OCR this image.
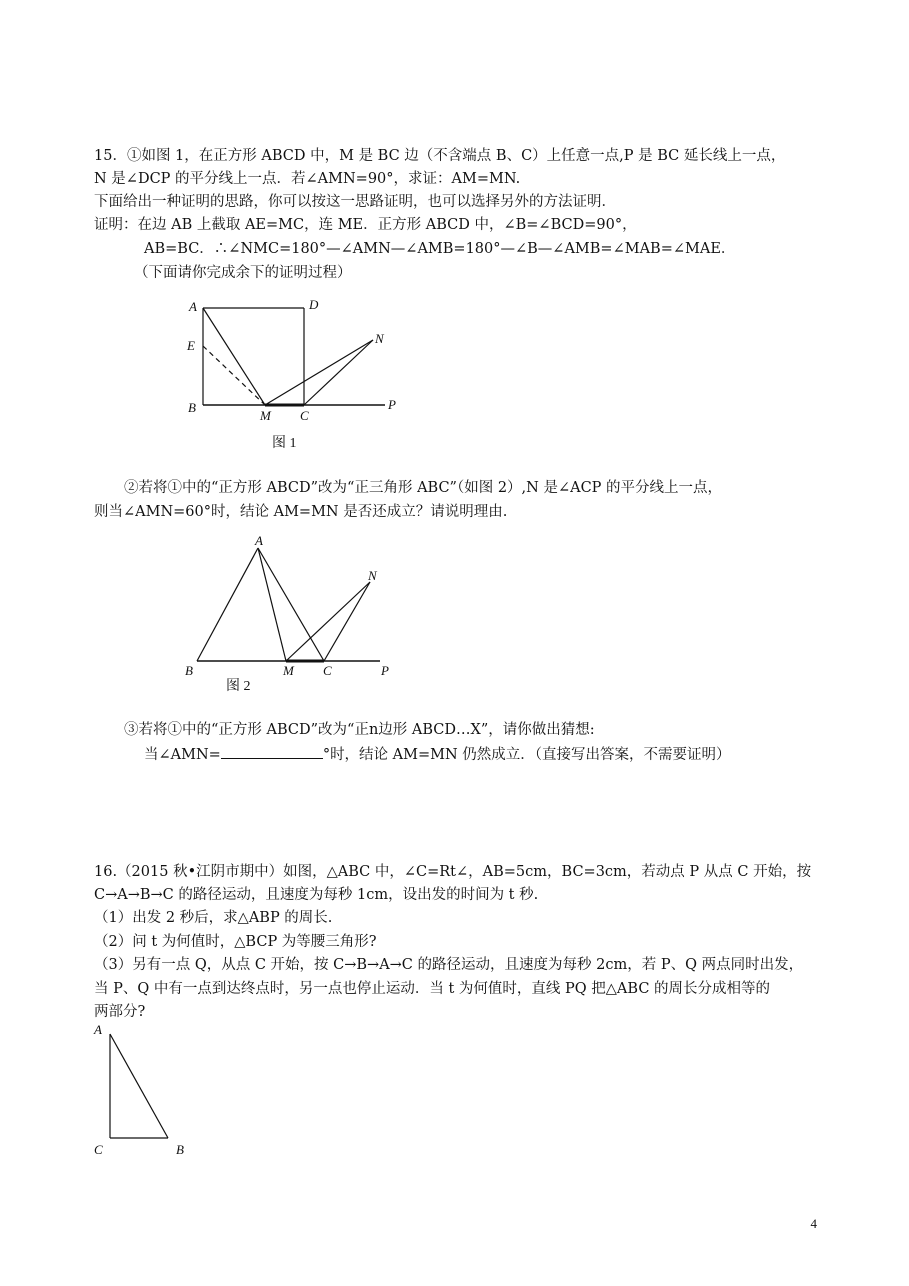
15．①如图 1，在正方形 ABCD 中，M 是 BC 边（不含端点 B、C）上任意一点,P 是 BC 延长线上一点，
N 是∠DCP 的平分线上一点．若∠AMN=90°，求证：AM=MN.
下面给出一种证明的思路，你可以按这一思路证明，也可以选择另外的方法证明．
证明：在边 AB 上截取 AE=MC，连 ME．正方形 ABCD 中，∠B=∠BCD=90°，
AB=BC．∴∠NMC=180°—∠AMN—∠AMB=180°—∠B—∠AMB=∠MAB=∠MAE．
（下面请你完成余下的证明过程）
A	D
E	N
B
M C
P
图 1
②若将①中的“正方形 ABCD”改为“正三角形 ABC”（如图 2）,N 是∠ACP 的平分线上一点，
则当∠AMN=60°时，结论 AM=MN 是否还成立？请说明理由.
A
N
B	M C	P
图 2
③若将①中的“正方形 ABCD”改为“正n边形 ABCD…X”，请你做出猜想:
当∠AMN=	°时，结论 AM=MN 仍然成立．（直接写出答案，不需要证明）
16.（2015 秋•江阴市期中）如图，△ABC 中，∠C=Rt∠，AB=5cm，BC=3cm，若动点 P 从点 C 开始，按
C→A→B→C 的路径运动，且速度为每秒 1cm，设出发的时间为 t 秒.
（1）出发 2 秒后，求△ABP 的周长.
（2）问 t 为何值时，△BCP 为等腰三角形?
（3）另有一点 Q，从点 C 开始，按 C→B→A→C 的路径运动，且速度为每秒 2cm，若 P、Q 两点同时出发，
当 P、Q 中有一点到达终点时，另一点也停止运动．当 t 为何值时，直线 PQ 把△ABC 的周长分成相等的
两部分?
A
C	B
4
